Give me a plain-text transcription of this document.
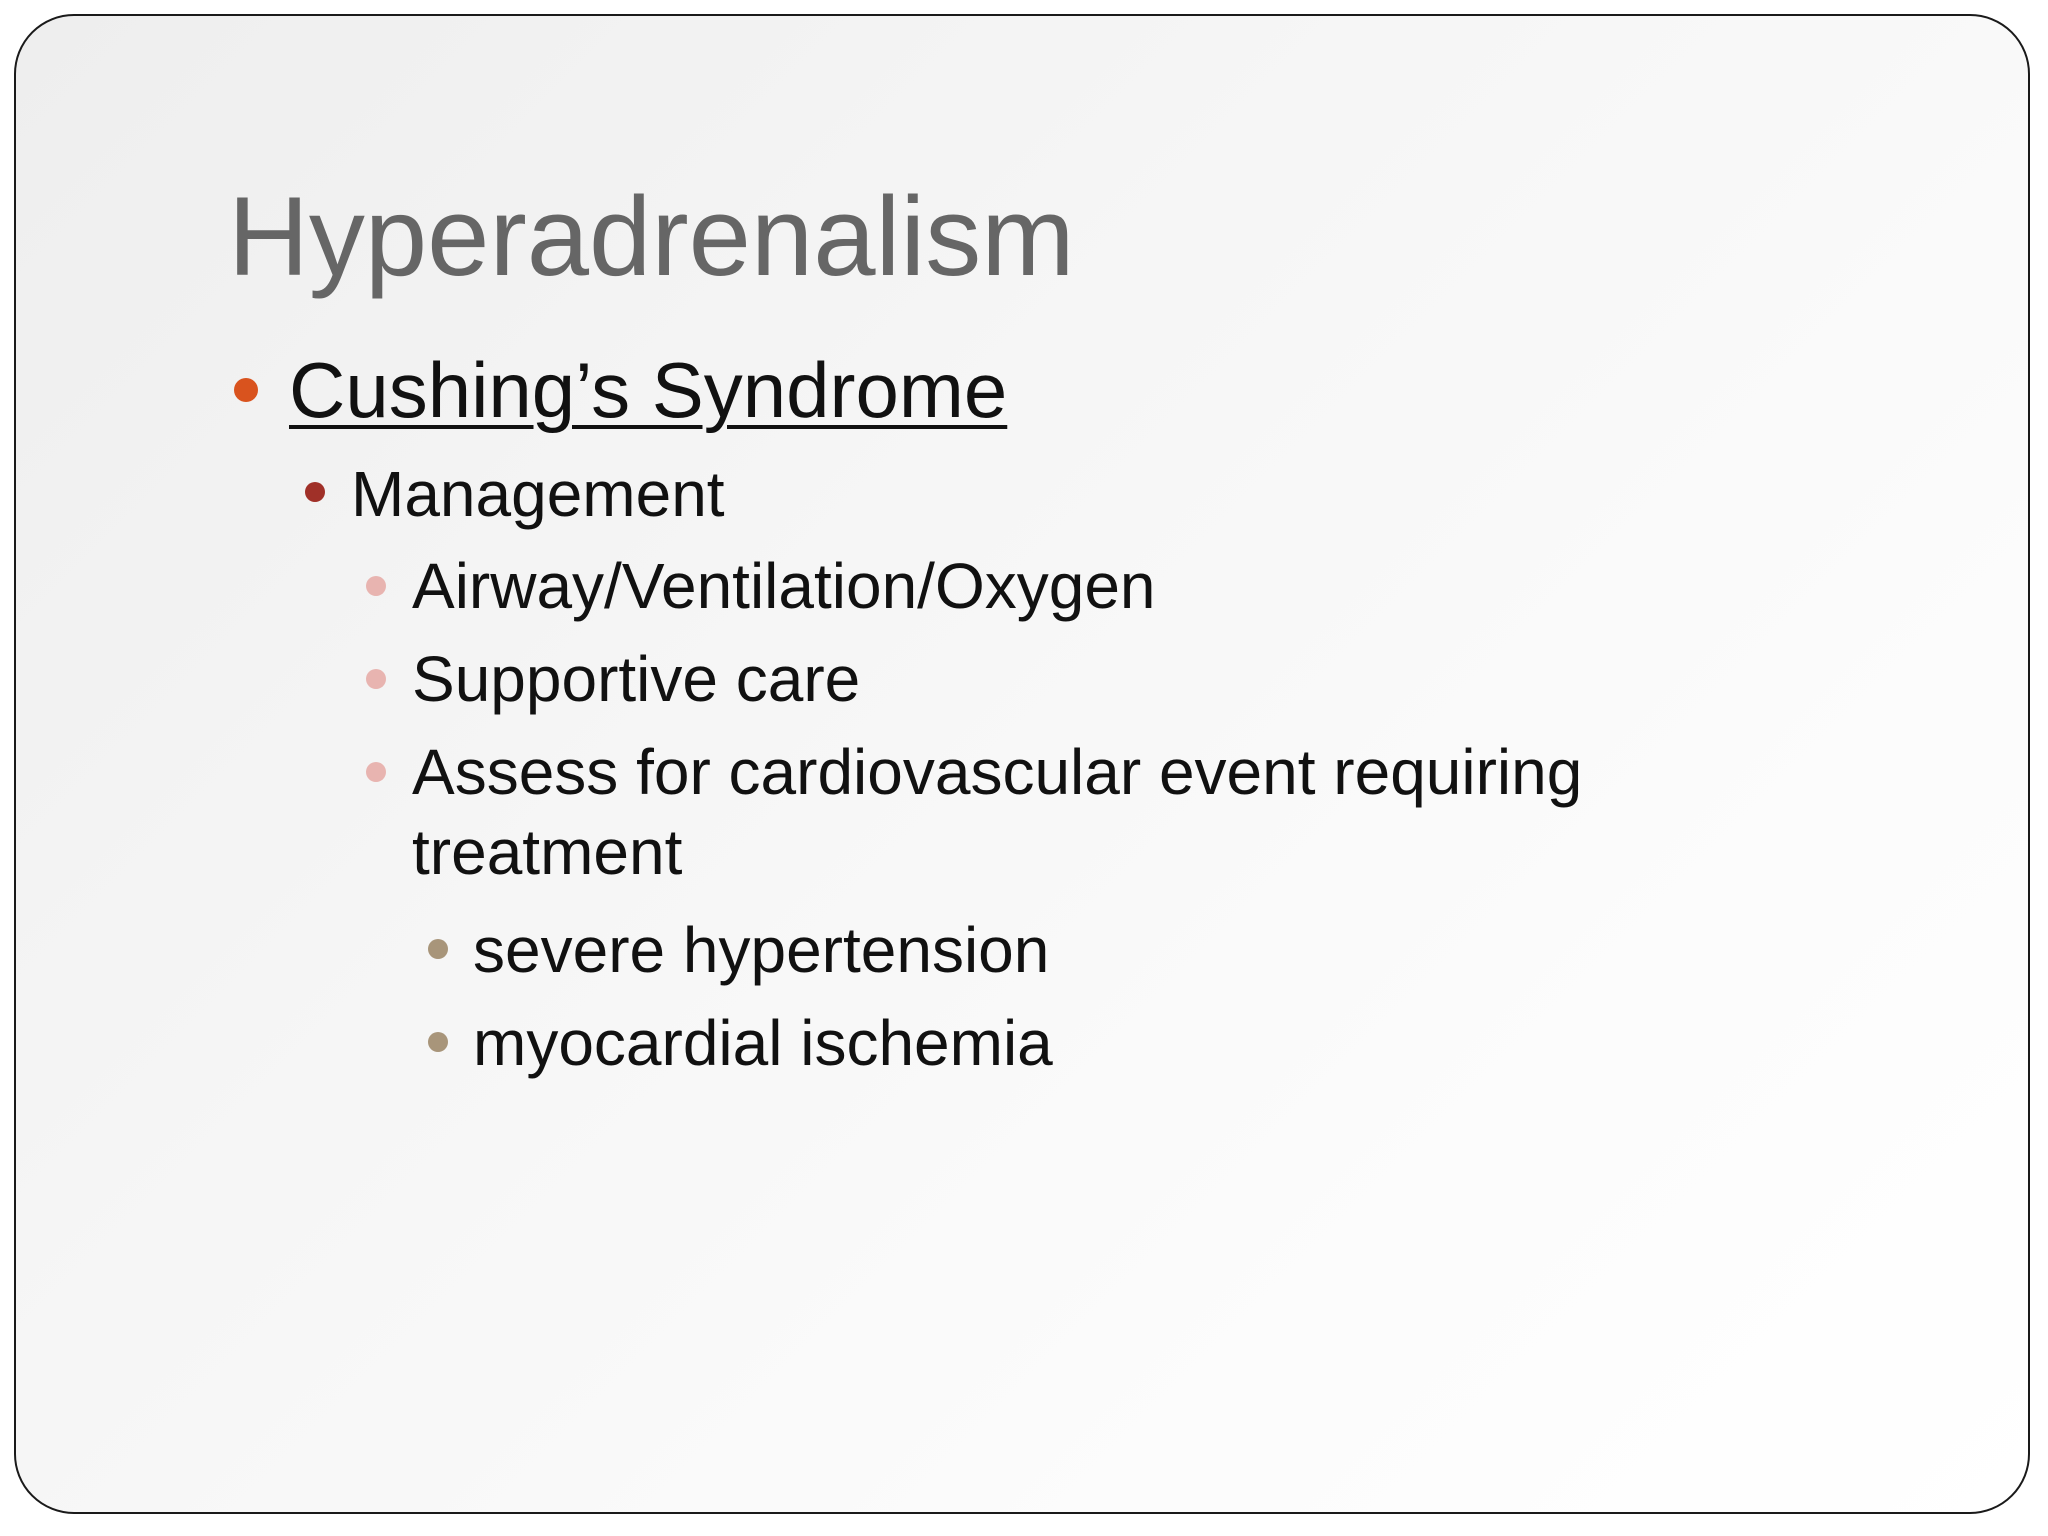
Hyperadrenalism
Cushing’s Syndrome
Management
Airway/Ventilation/Oxygen
Supportive care
Assess for cardiovascular event requiring treatment
severe hypertension
myocardial ischemia
